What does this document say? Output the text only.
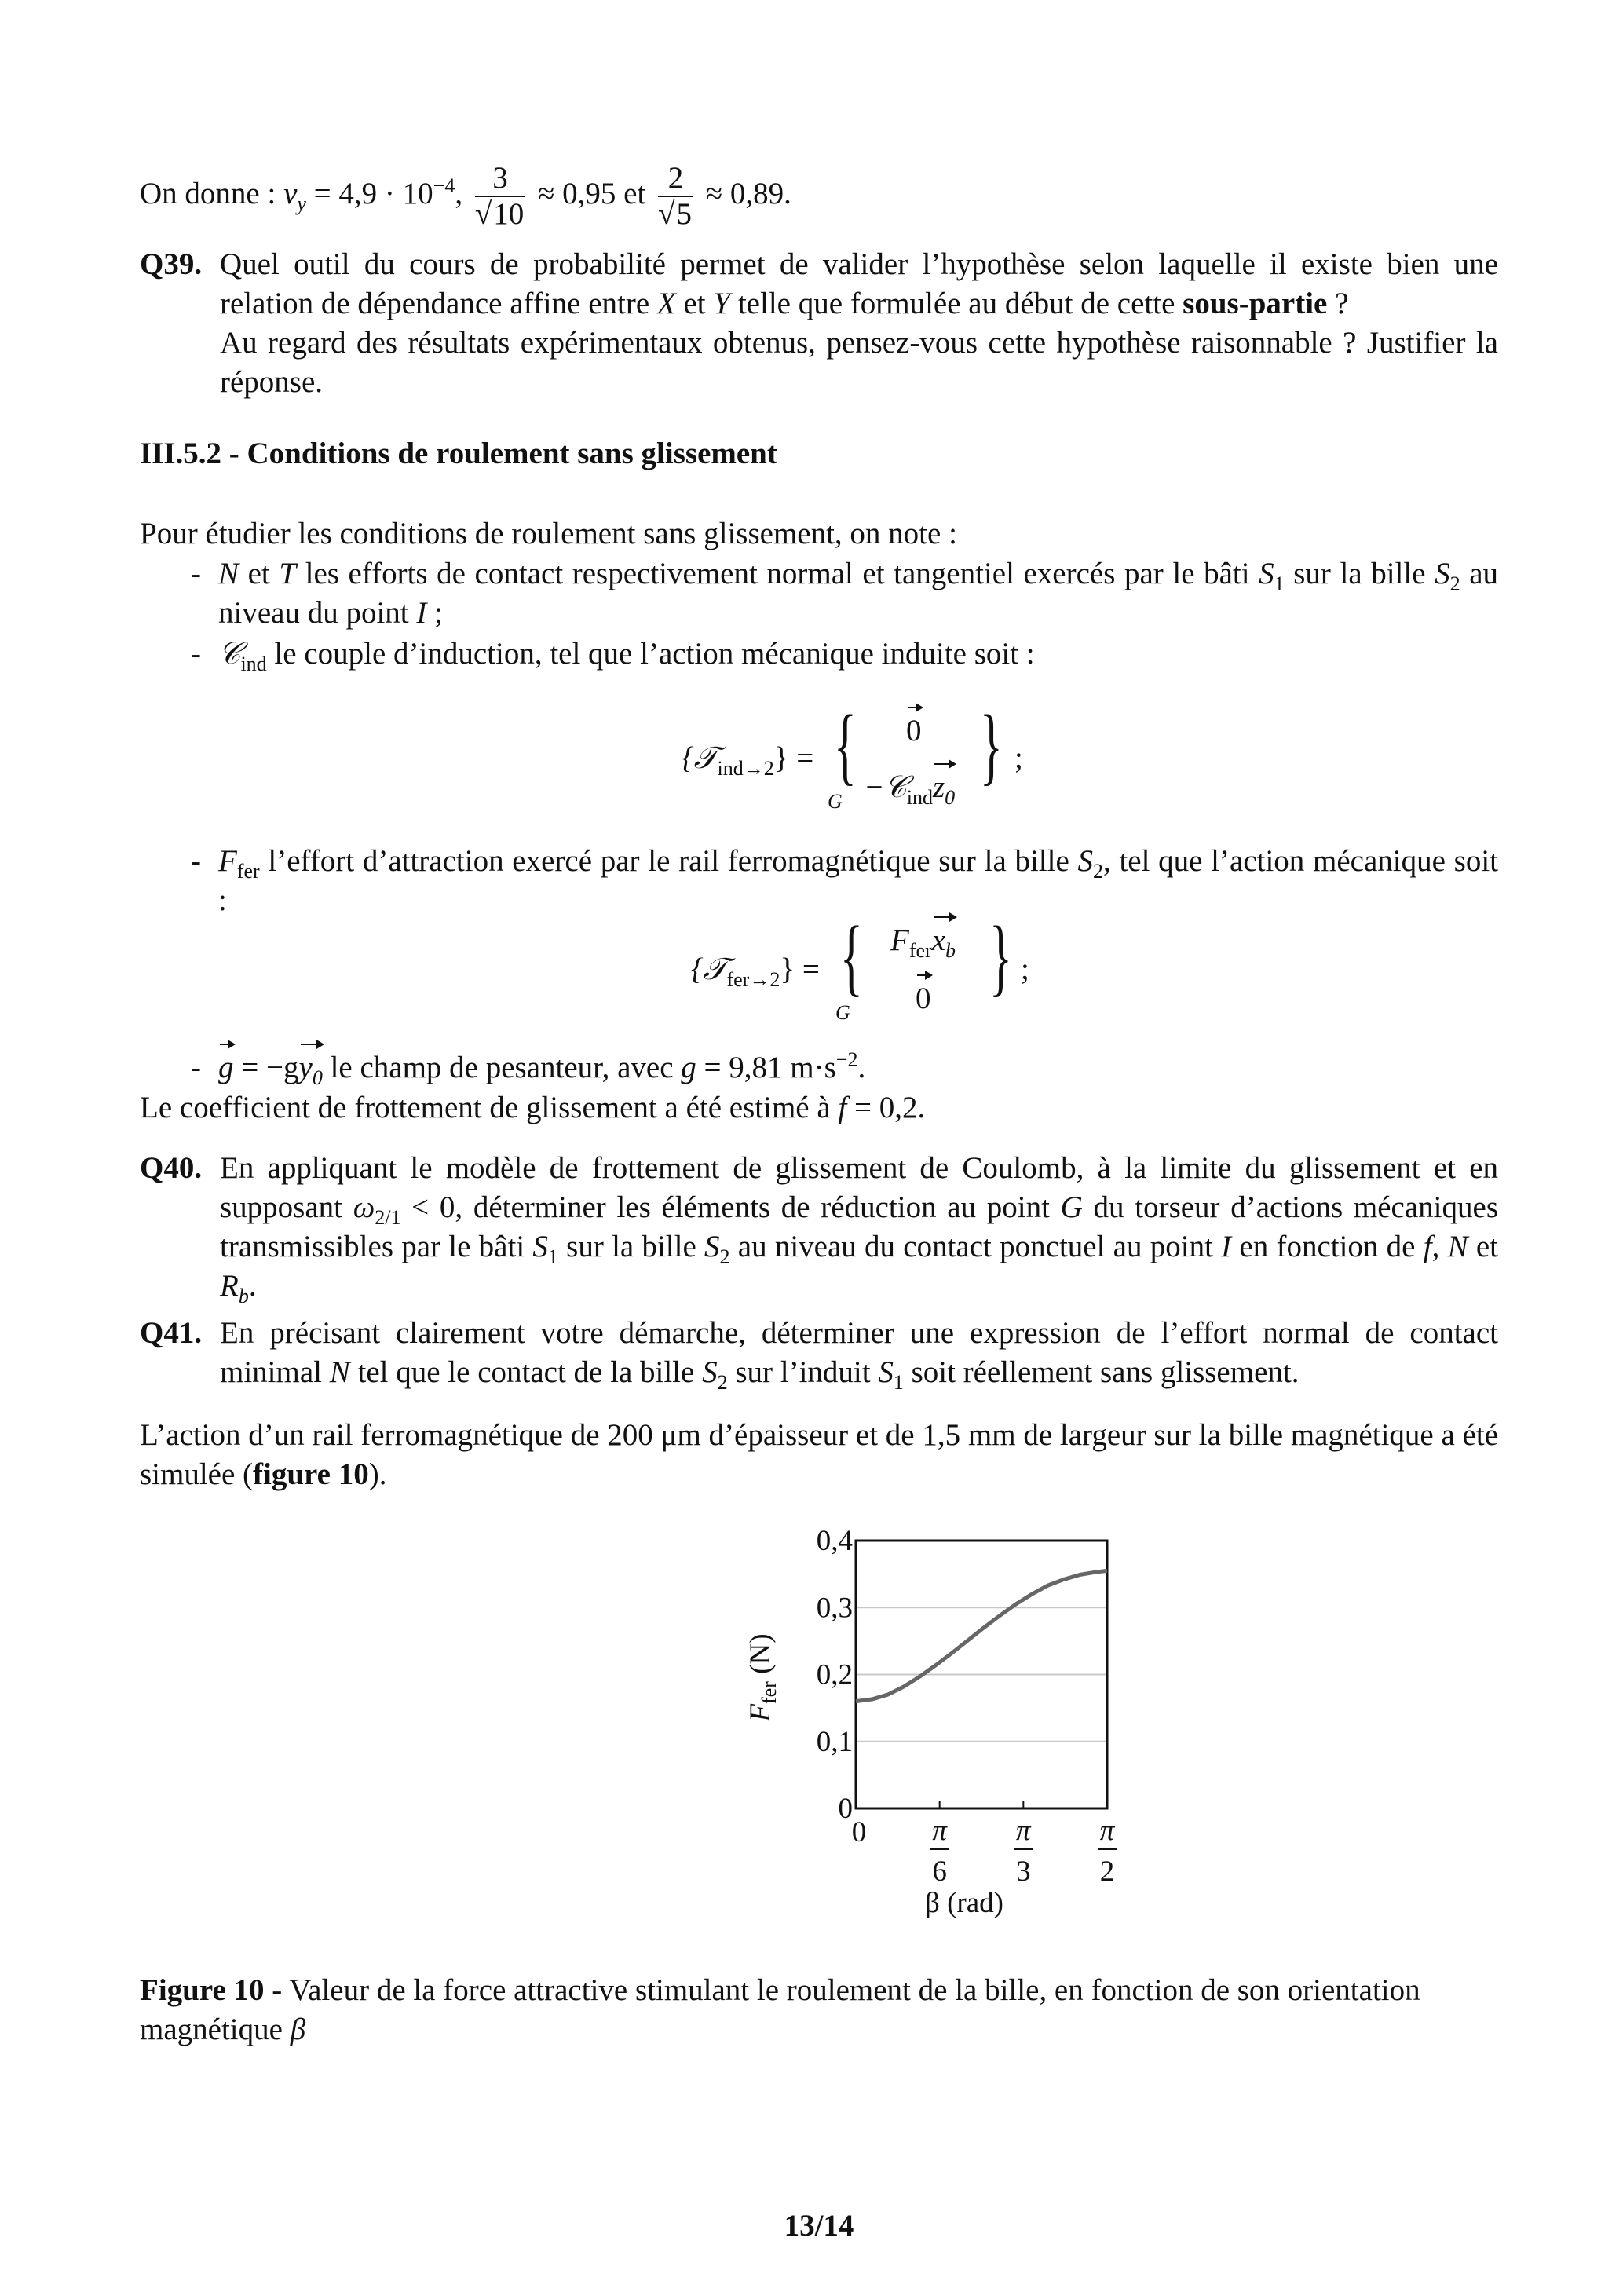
On donne : $v_y = 4,9 \cdot 10^{-4}$, $\frac{3}{√10} \approx 0,95$ et $\frac{2}{√5} \approx 0,89$.
Q39. Quel outil du cours de probabilité permet de valider l’hypothèse selon laquelle il existe bien une relation de dépendance affine entre X et Y telle que formulée au début de cette sous-partie ?

Au regard des résultats expérimentaux obtenus, pensez-vous cette hypothèse raisonnable ? Justifier la réponse.

III.5.2 - Conditions de roulement sans glissement
Pour étudier les conditions de roulement sans glissement, on note :
- N et T les efforts de contact respectivement normal et tangentiel exercés par le bâti $S_1$ sur la bille $S_2$ au niveau du point I ;
- 𝒞$_{ind}$ le couple d’induction, tel que l’action mécanique induite soit :
{𝒯$_{ind\to 2}$} = {
G
0
$-𝒞_{ind}z_0$
} ;
- $F_{fer}$ l’effort d’attraction exercé par le rail ferromagnétique sur la bille $S_2$, tel que l’action mécanique soit :
{𝒯$_{fer\to 2}$} = {
G
$F_{fer}x_b$
0 } ;
- $g = -gy_0$ le champ de pesanteur, avec g = 9,81 $m\cdot s^{-2}$.
Le coefficient de frottement de glissement a été estimé à f = 0,2.
Q40. En appliquant le modèle de frottement de glissement de Coulomb, à la limite du glissement et en supposant $\omega_{2/1} < 0$, déterminer les éléments de réduction au point G du torseur d’actions mécaniques transmissibles par le bâti $S_1$ sur la bille $S_2$ au niveau du contact ponctuel au point I en fonction de f, N et $R_b$.
Q41. En précisant clairement votre démarche, déterminer une expression de l’effort normal de contact minimal N tel que le contact de la bille $S_2$ sur l’induit $S_1$ soit réellement sans glissement.
L’action d’un rail ferromagnétique de 200 μm d’épaisseur et de 1,5 mm de largeur sur la bille magnétique a été simulée (figure 10).
0
0,1
0,2
0,3
0,4
0 π
6
π
3
π
2
β (rad)
$F_{fer}$ (N)
Figure 10 - Valeur de la force attractive stimulant le roulement de la bille, en fonction de son orientation magnétique β
13/14
